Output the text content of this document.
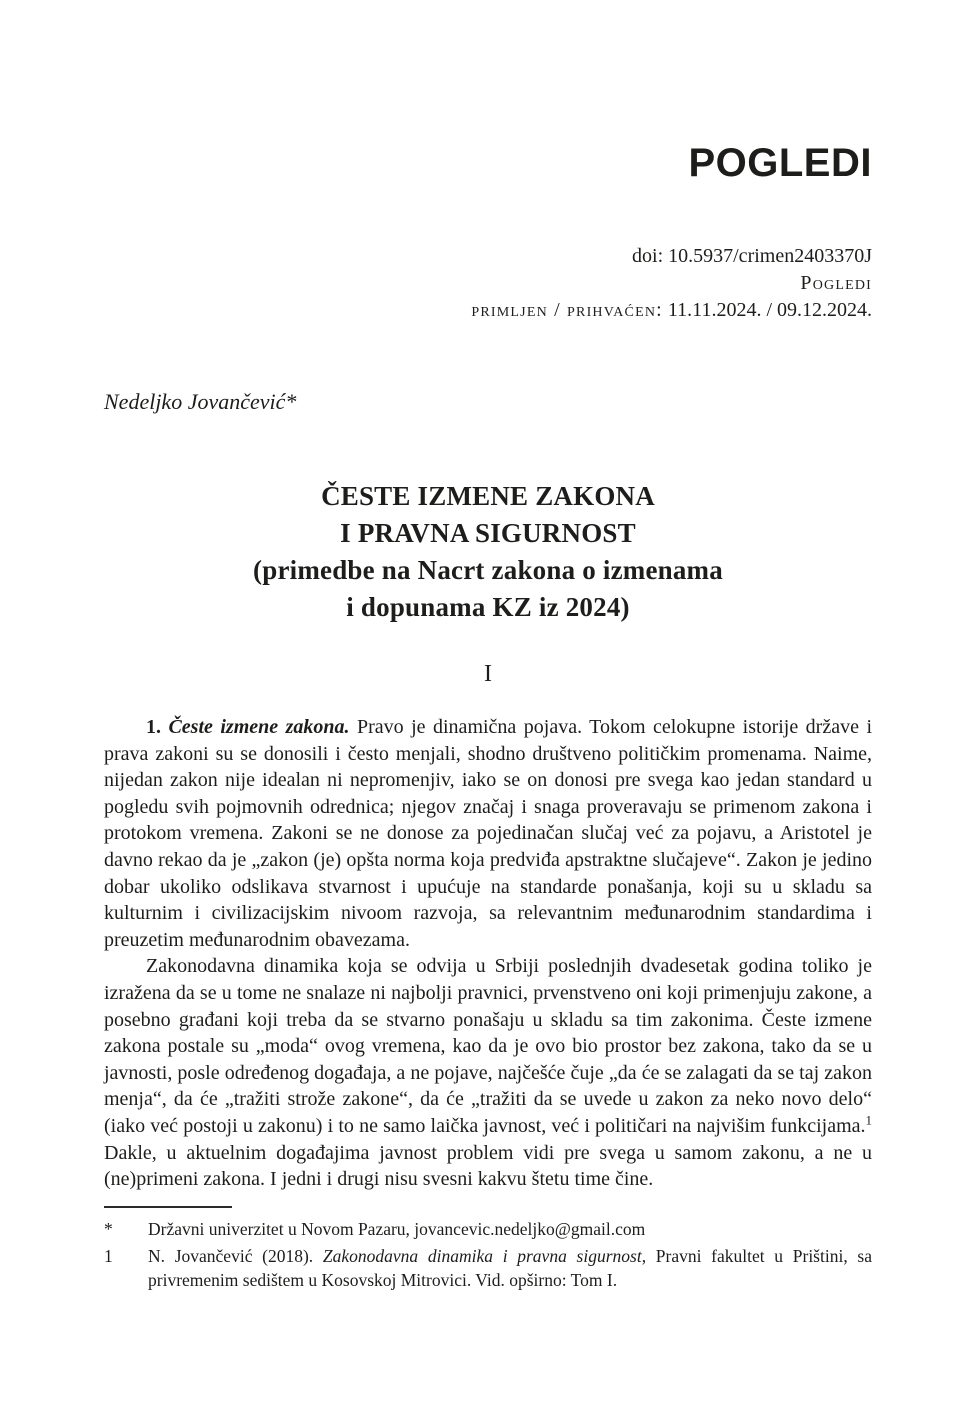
POGLEDI
doi: 10.5937/crimen2403370J
Pogledi
primljen / prihvaćen: 11.11.2024. / 09.12.2024.
Nedeljko Jovančević*
ČESTE IZMENE ZAKONA
I PRAVNA SIGURNOST
(primedbe na Nacrt zakona o izmenama
i dopunama KZ iz 2024)
I

1. Česte izmene zakona. Pravo je dinamična pojava. Tokom celokupne istorije države i prava zakoni su se donosili i često menjali, shodno društveno političkim promenama. Naime, nijedan zakon nije idealan ni nepromenjiv, iako se on donosi pre svega kao jedan standard u pogledu svih pojmovnih odrednica; njegov značaj i snaga proveravaju se primenom zakona i protokom vremena. Zakoni se ne donose za pojedinačan slučaj već za pojavu, a Aristotel je davno rekao da je „zakon (je) opšta norma koja predviđa apstraktne slučajeve“. Zakon je jedino dobar ukoliko odslikava stvarnost i upućuje na standarde ponašanja, koji su u skladu sa kulturnim i civilizacijskim nivoom razvoja, sa relevantnim međunarodnim standardima i preuzetim međunarodnim obavezama.

Zakonodavna dinamika koja se odvija u Srbiji poslednjih dvadesetak godina toliko je izražena da se u tome ne snalaze ni najbolji pravnici, prvenstveno oni koji primenjuju zakone, a posebno građani koji treba da se stvarno ponašaju u skladu sa tim zakonima. Česte izmene zakona postale su „moda“ ovog vremena, kao da je ovo bio prostor bez zakona, tako da se u javnosti, posle određenog događaja, a ne pojave, najčešće čuje „da će se zalagati da se taj zakon menja“, da će „tražiti strože zakone“, da će „tražiti da se uvede u zakon za neko novo delo“ (iako već postoji u zakonu) i to ne samo laička javnost, već i političari na najvišim funkcijama.$^1$ Dakle, u aktuelnim događajima javnost problem vidi pre svega u samom zakonu, a ne u (ne)primeni zakona. I jedni i drugi nisu svesni kakvu štetu time čine.

*	Državni univerzitet u Novom Pazaru, jovancevic.nedeljko@gmail.com
1	N. Jovančević (2018). Zakonodavna dinamika i pravna sigurnost, Pravni fakultet u Prištini, sa privremenim sedištem u Kosovskoj Mitrovici. Vid. opširno: Tom I.
